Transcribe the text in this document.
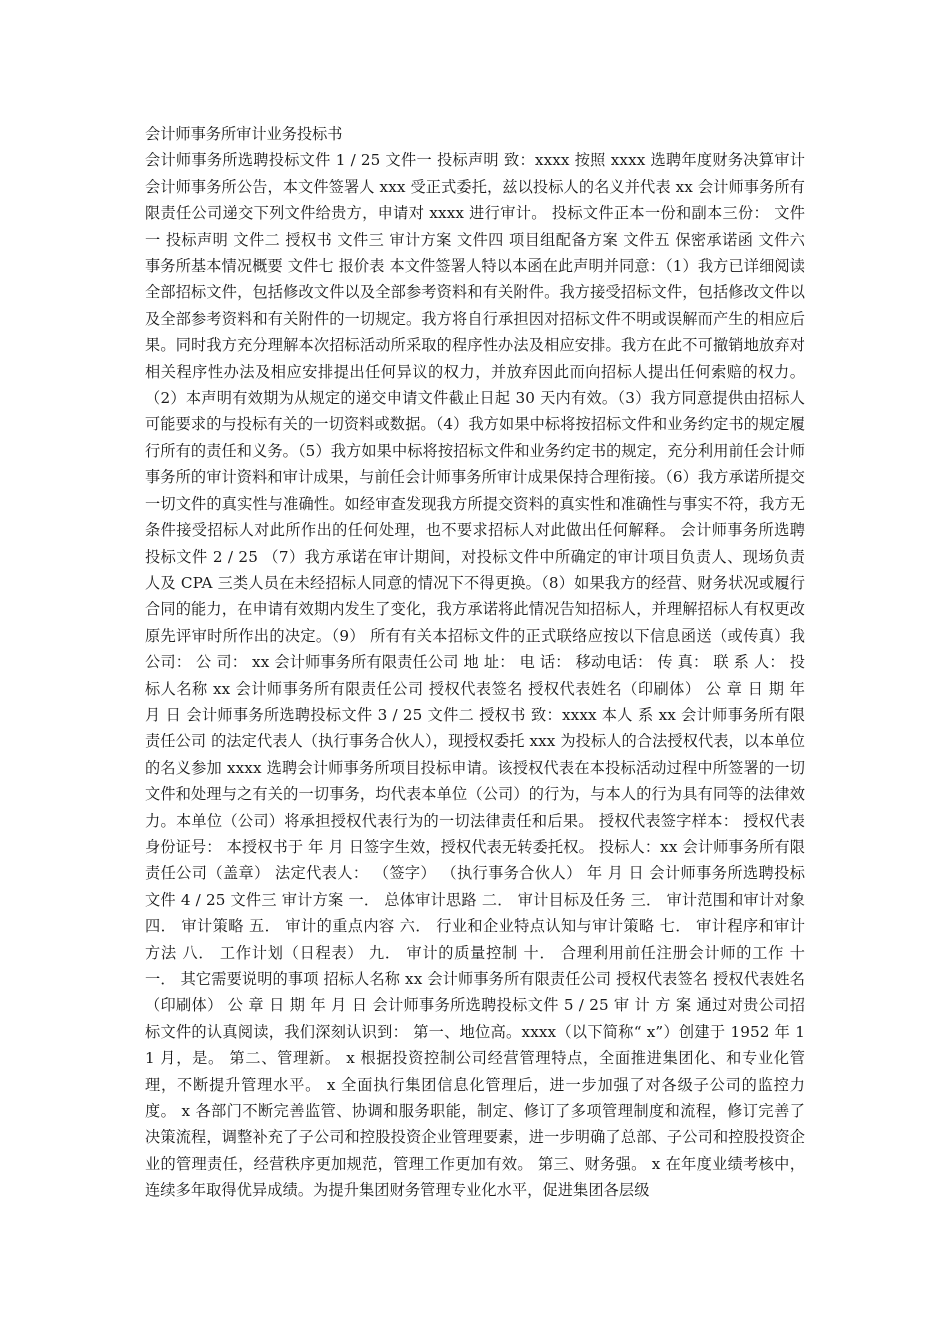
会计师事务所审计业务投标书

会计师事务所选聘投标文件 1 / 25 文件一 投标声明 致：xxxx 按照 xxxx 选聘年度财务决算审计会计师事务所公告，本文件签署人 xxx 受正式委托，兹以投标人的名义并代表 xx 会计师事务所有限责任公司递交下列文件给贵方，申请对 xxxx 进行审计。 投标文件正本一份和副本三份： 文件一 投标声明 文件二 授权书 文件三 审计方案 文件四 项目组配备方案 文件五 保密承诺函 文件六 事务所基本情况概要 文件七 报价表 本文件签署人特以本函在此声明并同意：（1）我方已详细阅读全部招标文件，包括修改文件以及全部参考资料和有关附件。我方接受招标文件，包括修改文件以及全部参考资料和有关附件的一切规定。我方将自行承担因对招标文件不明或误解而产生的相应后果。同时我方充分理解本次招标活动所采取的程序性办法及相应安排。我方在此不可撤销地放弃对相关程序性办法及相应安排提出任何异议的权力，并放弃因此而向招标人提出任何索赔的权力。（2）本声明有效期为从规定的递交申请文件截止日起 30 天内有效。（3）我方同意提供由招标人可能要求的与投标有关的一切资料或数据。（4）我方如果中标将按招标文件和业务约定书的规定履行所有的责任和义务。（5）我方如果中标将按招标文件和业务约定书的规定，充分利用前任会计师事务所的审计资料和审计成果，与前任会计师事务所审计成果保持合理衔接。（6）我方承诺所提交一切文件的真实性与准确性。如经审查发现我方所提交资料的真实性和准确性与事实不符，我方无条件接受招标人对此所作出的任何处理，也不要求招标人对此做出任何解释。 会计师事务所选聘投标文件 2 / 25 （7）我方承诺在审计期间，对投标文件中所确定的审计项目负责人、现场负责人及 CPA 三类人员在未经招标人同意的情况下不得更换。（8）如果我方的经营、财务状况或履行合同的能力，在申请有效期内发生了变化，我方承诺将此情况告知招标人，并理解招标人有权更改原先评审时所作出的决定。（9） 所有有关本招标文件的正式联络应按以下信息函送（或传真）我公司： 公 司： xx 会计师事务所有限责任公司 地 址： 电 话： 移动电话： 传 真： 联 系 人： 投标人名称 xx 会计师事务所有限责任公司 授权代表签名 授权代表姓名（印刷体） 公 章 日 期 年 月 日 会计师事务所选聘投标文件 3 / 25 文件二 授权书 致：xxxx 本人 系 xx 会计师事务所有限责任公司 的法定代表人（执行事务合伙人），现授权委托 xxx 为投标人的合法授权代表，以本单位的名义参加 xxxx 选聘会计师事务所项目投标申请。该授权代表在本投标活动过程中所签署的一切文件和处理与之有关的一切事务，均代表本单位（公司）的行为，与本人的行为具有同等的法律效力。本单位（公司）将承担授权代表行为的一切法律责任和后果。 授权代表签字样本： 授权代表身份证号： 本授权书于 年 月 日签字生效，授权代表无转委托权。 投标人：xx 会计师事务所有限责任公司（盖章） 法定代表人： （签字） （执行事务合伙人） 年 月 日 会计师事务所选聘投标文件 4 / 25 文件三 审计方案 一． 总体审计思路 二． 审计目标及任务 三． 审计范围和审计对象 四． 审计策略 五． 审计的重点内容 六． 行业和企业特点认知与审计策略 七． 审计程序和审计方法 八． 工作计划（日程表） 九． 审计的质量控制 十． 合理利用前任注册会计师的工作 十一． 其它需要说明的事项 招标人名称 xx 会计师事务所有限责任公司 授权代表签名 授权代表姓名（印刷体） 公 章 日 期 年 月 日 会计师事务所选聘投标文件 5 / 25 审 计 方 案 通过对贵公司招标文件的认真阅读，我们深刻认识到： 第一、地位高。xxxx（以下简称“ x”）创建于 1952 年 11 月，是。 第二、管理新。 x 根据投资控制公司经营管理特点，全面推进集团化、和专业化管理，不断提升管理水平。 x 全面执行集团信息化管理后，进一步加强了对各级子公司的监控力度。 x 各部门不断完善监管、协调和服务职能，制定、修订了多项管理制度和流程，修订完善了决策流程，调整补充了子公司和控股投资企业管理要素，进一步明确了总部、子公司和控股投资企业的管理责任，经营秩序更加规范，管理工作更加有效。 第三、财务强。 x 在年度业绩考核中，连续多年取得优异成绩。为提升集团财务管理专业化水平，促进集团各层级
